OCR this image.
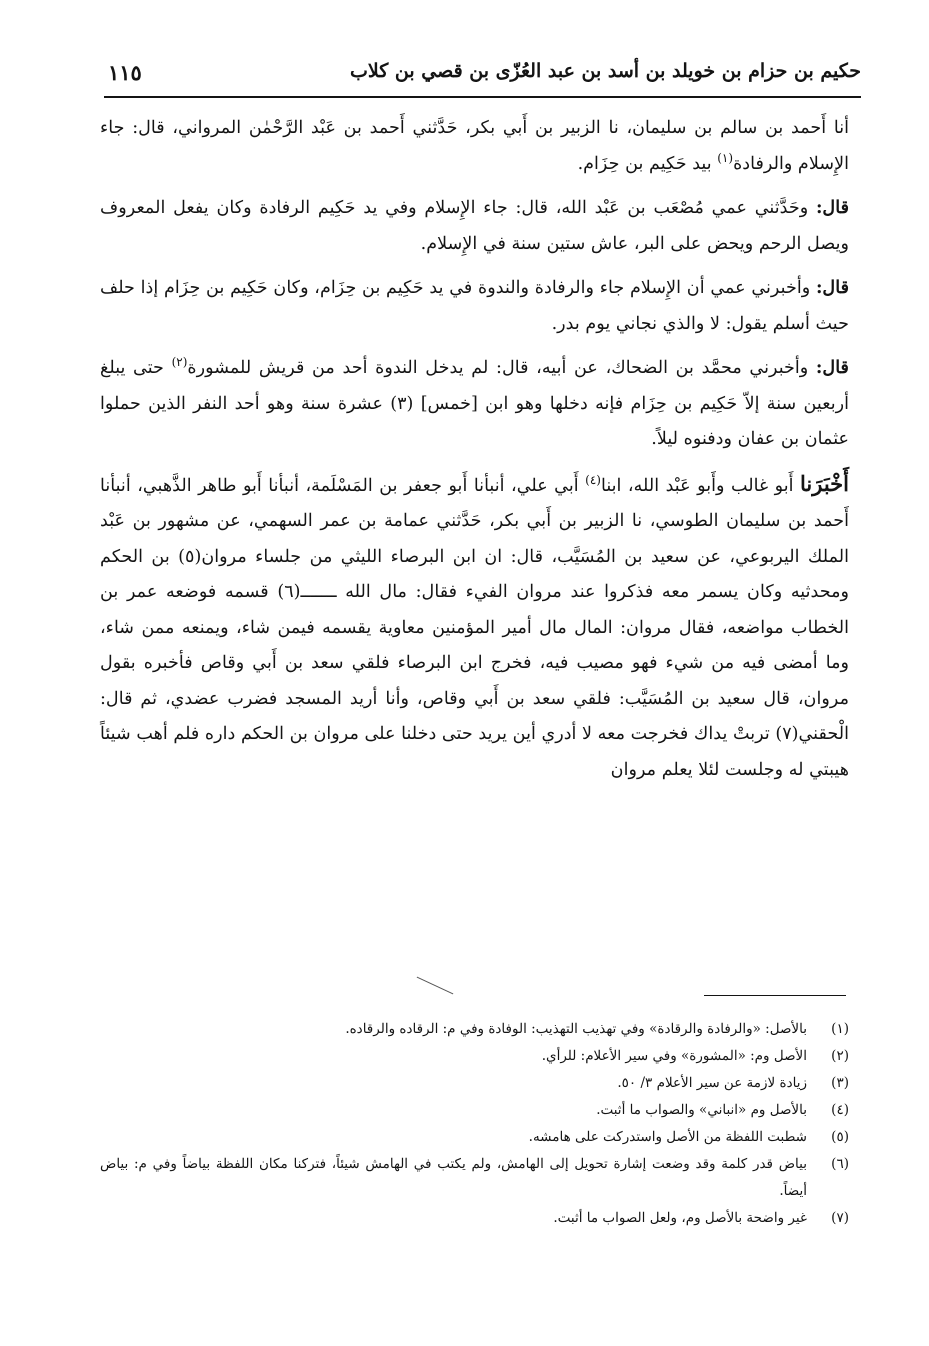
حكيم بن حزام بن خويلد بن أسد بن عبد العُزّى بن قصي بن كلاب
١١٥

أنا أَحمد بن سالم بن سليمان، نا الزبير بن أَبي بكر، حَدَّثني أَحمد بن عَبْد الرَّحْمٰن المرواني، قال: جاء الإِسلام والرفادة$^{(١)}$ بيد حَكِيم بن حِزَام.

قال: وحَدَّثني عمي مُصْعَب بن عَبْد الله، قال: جاء الإِسلام وفي يد حَكِيم الرفادة وكان يفعل المعروف ويصل الرحم ويحض على البر، عاش ستين سنة في الإِسلام.

قال: وأخبرني عمي أن الإِسلام جاء والرفادة والندوة في يد حَكِيم بن حِزَام، وكان حَكِيم بن حِزَام إذا حلف حيث أسلم يقول: لا والذي نجاني يوم بدر.

قال: وأخبرني محمَّد بن الضحاك، عن أبيه، قال: لم يدخل الندوة أحد من قريش للمشورة$^{(٢)}$ حتى يبلغ أربعين سنة إلاّ حَكِيم بن حِزَام فإنه دخلها وهو ابن [خمس] (٣) عشرة سنة وهو أحد النفر الذين حملوا عثمان بن عفان ودفنوه ليلاً.

أَخْبَرَنا أَبو غالب وأَبو عَبْد الله، ابنا$^{(٤)}$ أَبي علي، أنبأنا أَبو جعفر بن المَسْلَمة، أنبأنا أَبو طاهر الذَّهبي، أنبأنا أَحمد بن سليمان الطوسي، نا الزبير بن أَبي بكر، حَدَّثني عمامة بن عمر السهمي، عن مشهور بن عَبْد الملك اليربوعي، عن سعيد بن المُسَيَّب، قال: ان ابن البرصاء الليثي من جلساء مروان(٥) بن الحكم ومحدثيه وكان يسمر معه فذكروا عند مروان الفيء فقال: مال الله ـــــــ(٦) قسمه فوضعه عمر بن الخطاب مواضعه، فقال مروان: المال مال أمير المؤمنين معاوية يقسمه فيمن شاء، ويمنعه ممن شاء، وما أمضى فيه من شيء فهو مصيب فيه، فخرج ابن البرصاء فلقي سعد بن أَبي وقاص فأخبره بقول مروان، قال سعيد بن المُسَيَّب: فلقي سعد بن أَبي وقاص، وأنا أريد المسجد فضرب عضدي، ثم قال: الْحقني(٧) تربتْ يداك فخرجت معه لا أدري أين يريد حتى دخلنا على مروان بن الحكم داره فلم أهب شيئاً هيبتي له وجلست لئلا يعلم مروان

(١)
بالأصل: «والرفادة والرقادة» وفي تهذيب التهذيب: الوفادة وفي م: الرقاده والرقاده.
(٢)
الأصل وم: «المشورة» وفي سير الأعلام: للرأي.
(٣)
زيادة لازمة عن سير الأعلام ٣/ ٥٠.
(٤)
بالأصل وم «انباني» والصواب ما أثبت.
(٥)
شطبت اللفظة من الأصل واستدركت على هامشه.
(٦)
بياض قدر كلمة وقد وضعت إشارة تحويل إلى الهامش، ولم يكتب في الهامش شيئاً، فتركنا مكان اللفظة بياضاً وفي م: بياض أيضاً.
(٧)
غير واضحة بالأصل وم، ولعل الصواب ما أثبت.
